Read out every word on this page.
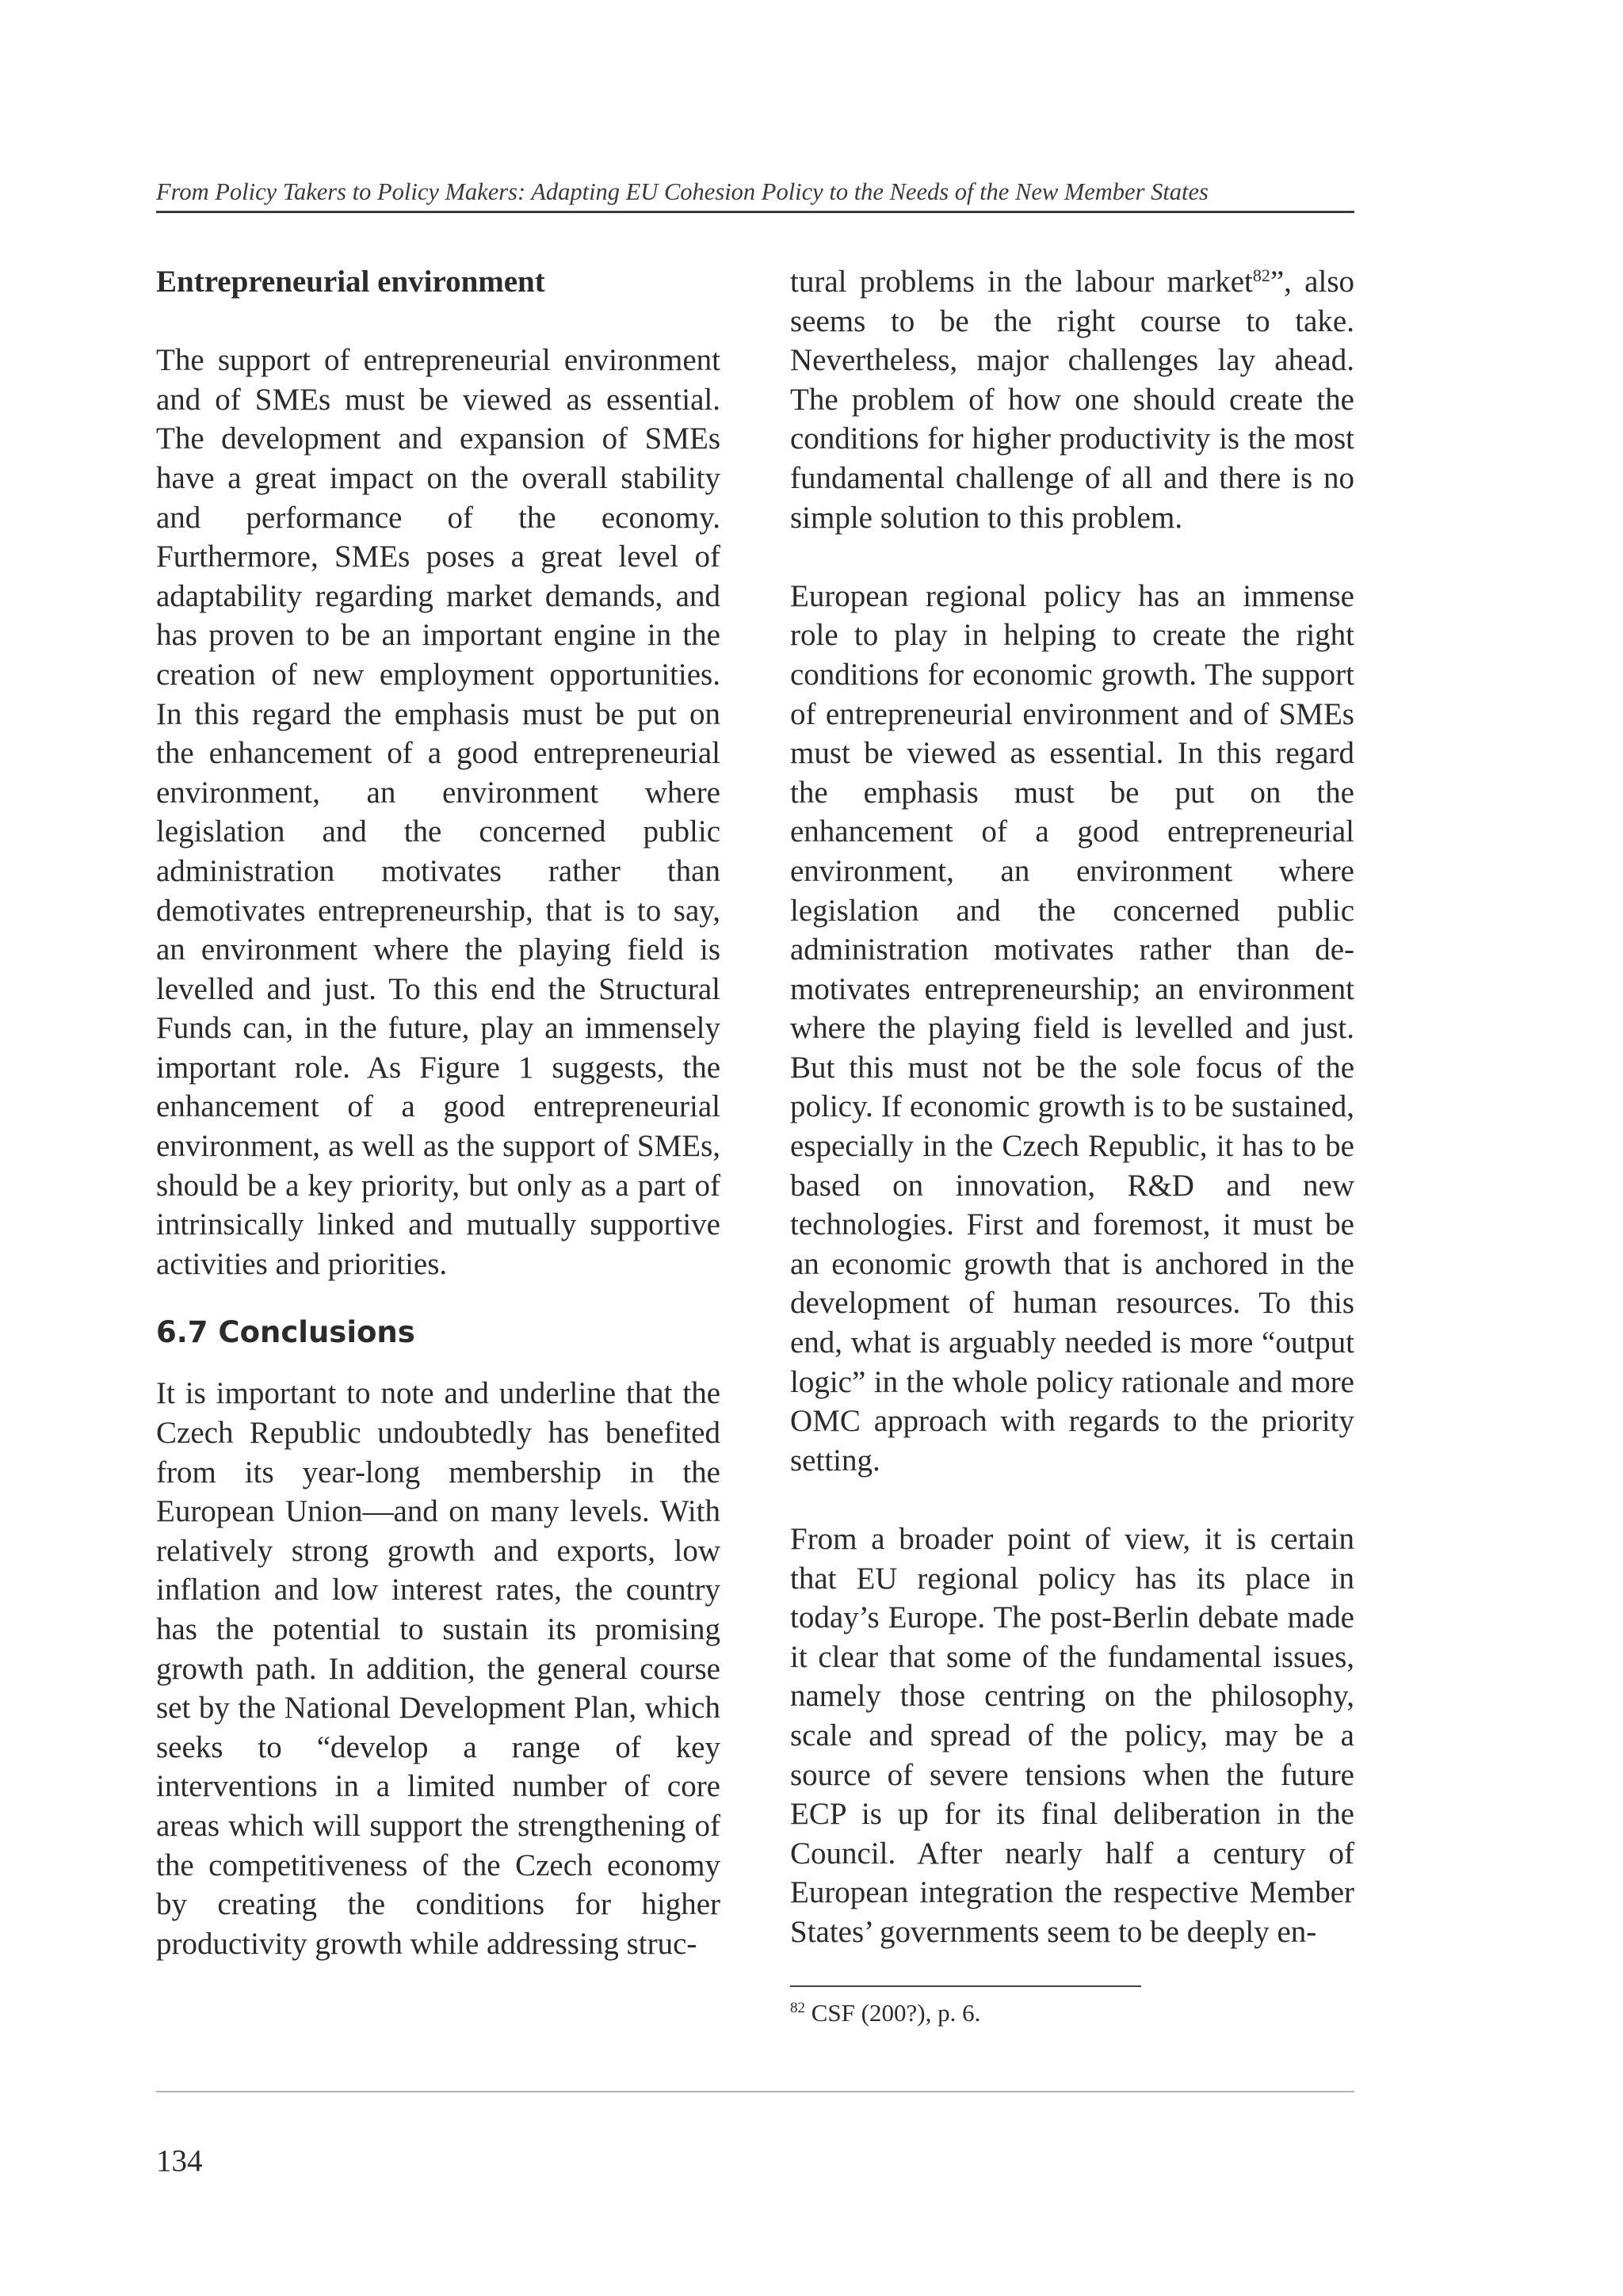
From Policy Takers to Policy Makers: Adapting EU Cohesion Policy to the Needs of the New Member States
Entrepreneurial environment

The support of entrepreneurial environment and of SMEs must be viewed as essential. The development and expansion of SMEs have a great impact on the overall stability and performance of the economy. Furthermore, SMEs poses a great level of adaptability regarding market demands, and has proven to be an important engine in the creation of new employment opportunities. In this regard the emphasis must be put on the enhancement of a good entrepreneurial environment, an environment where legislation and the concerned public administration motivates rather than demotivates entrepreneurship, that is to say, an environment where the playing field is levelled and just. To this end the Structural Funds can, in the future, play an immensely important role. As Figure 1 suggests, the enhancement of a good entrepreneurial environment, as well as the support of SMEs, should be a key priority, but only as a part of intrinsically linked and mutually supportive activities and priorities.

6.7 Conclusions

It is important to note and underline that the Czech Republic undoubtedly has benefited from its year-long membership in the European Union—and on many levels. With relatively strong growth and exports, low inflation and low interest rates, the country has the potential to sustain its promising growth path. In addition, the general course set by the National Development Plan, which seeks to “develop a range of key interventions in a limited number of core areas which will support the strengthening of the competitiveness of the Czech economy by creating the conditions for higher productivity growth while addressing struc-

tural problems in the labour market$^{82}$”, also seems to be the right course to take. Nevertheless, major challenges lay ahead. The problem of how one should create the conditions for higher productivity is the most fundamental challenge of all and there is no simple solution to this problem.

European regional policy has an immense role to play in helping to create the right conditions for economic growth. The support of entrepreneurial environment and of SMEs must be viewed as essential. In this regard the emphasis must be put on the enhancement of a good entrepreneurial environment, an environment where legislation and the concerned public administration motivates rather than de-motivates entrepreneurship; an environment where the playing field is levelled and just. But this must not be the sole focus of the policy. If economic growth is to be sustained, especially in the Czech Republic, it has to be based on innovation, R&D and new technologies. First and foremost, it must be an economic growth that is anchored in the development of human resources. To this end, what is arguably needed is more “output logic” in the whole policy rationale and more OMC approach with regards to the priority setting.

From a broader point of view, it is certain that EU regional policy has its place in today’s Europe. The post-Berlin debate made it clear that some of the fundamental issues, namely those centring on the philosophy, scale and spread of the policy, may be a source of severe tensions when the future ECP is up for its final deliberation in the Council. After nearly half a century of European integration the respective Member States’ governments seem to be deeply en-

$^{82}$ CSF (200?), p. 6.
134
